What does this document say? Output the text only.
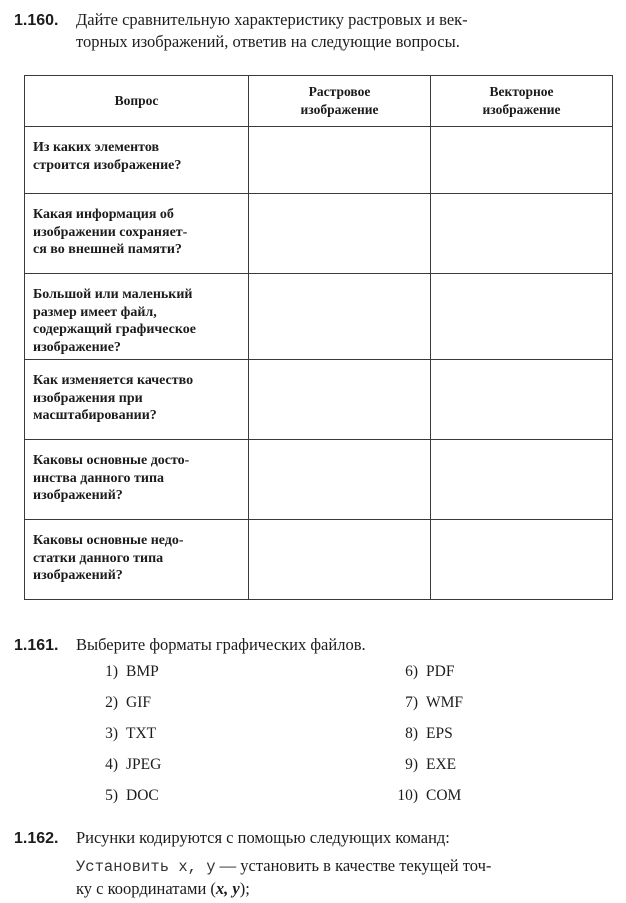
1.160. Дайте сравнительную характеристику растровых и век-
торных изображений, ответив на следующие вопросы.
Вопрос	Растровое изображение	Векторное изображение

Из каких элементов
строится изображение?		

Какая информация об
изображении сохраняет-
ся во внешней памяти?		

Большой или маленький
размер имеет файл,
содержащий графическое
изображение?		

Как изменяется качество
изображения при
масштабировании?		

Каковы основные досто-
инства данного типа
изображений?		

Каковы основные недо-
статки данного типа
изображений?		

1.161. Выберите форматы графических файлов.
1) BMP
2) GIF
3) TXT
4) JPEG
5) DOC
6) PDF
7) WMF
8) EPS
9) EXE
10) COM
1.162. Рисунки кодируются с помощью следующих команд:
Установить x, y — установить в качестве текущей точ-
ку с координатами (x, y);
